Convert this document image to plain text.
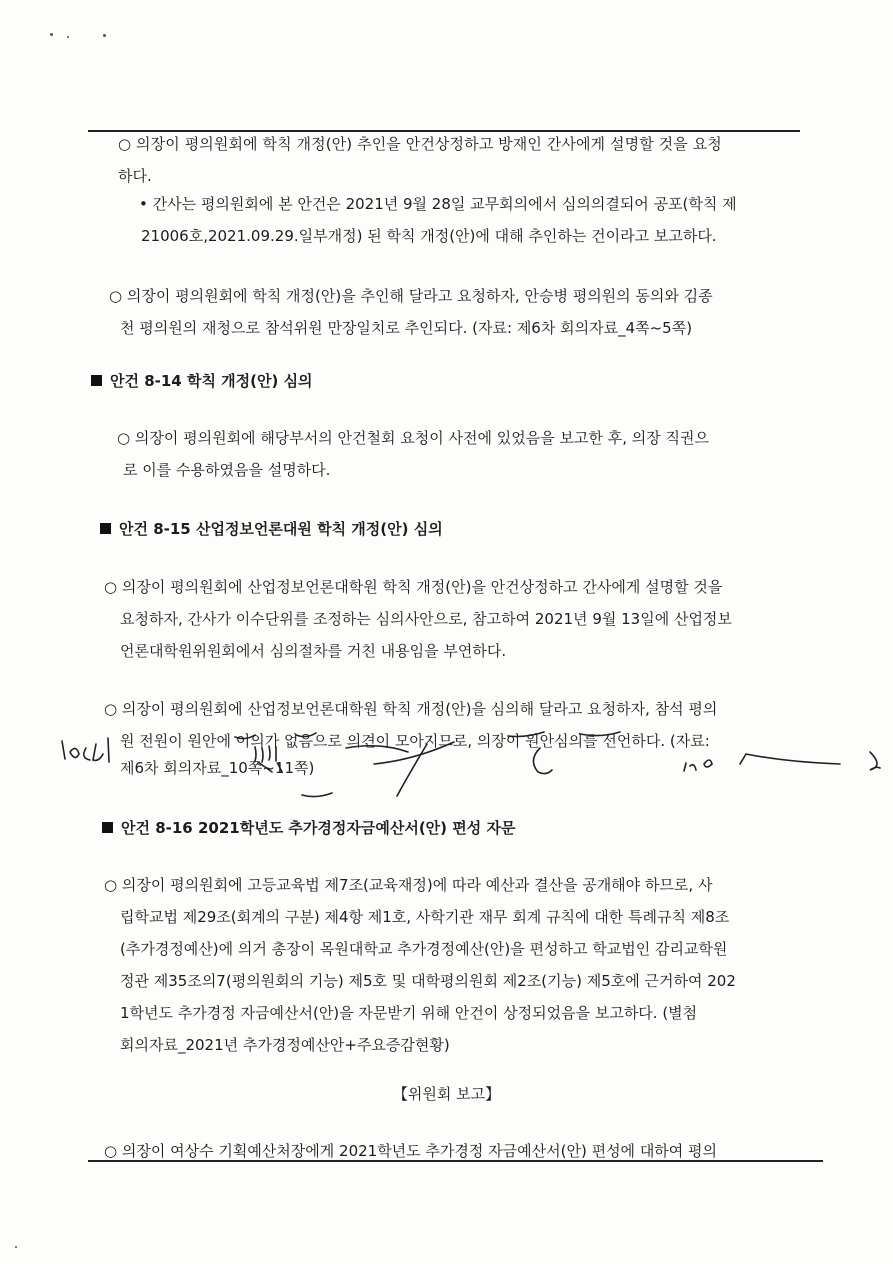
○ 의장이 평의원회에 학칙 개정(안) 추인을 안건상정하고 방재인 간사에게 설명할 것을 요청
하다.
• 간사는 평의원회에 본 안건은 2021년 9월 28일 교무회의에서 심의의결되어 공포(학칙 제
21006호,2021.09.29.일부개정) 된 학칙 개정(안)에 대해 추인하는 건이라고 보고하다.
○ 의장이 평의원회에 학칙 개정(안)을 추인해 달라고 요청하자, 안승병 평의원의 동의와 김종
천 평의원의 재청으로 참석위원 만장일치로 추인되다. (자료: 제6차 회의자료_4쪽~5쪽)
안건 8-14 학칙 개정(안) 심의
○ 의장이 평의원회에 해당부서의 안건철회 요청이 사전에 있었음을 보고한 후, 의장 직권으
로 이를 수용하였음을 설명하다.
안건 8-15 산업정보언론대원 학칙 개정(안) 심의
○ 의장이 평의원회에 산업정보언론대학원 학칙 개정(안)을 안건상정하고 간사에게 설명할 것을
요청하자, 간사가 이수단위를 조정하는 심의사안으로, 참고하여 2021년 9월 13일에 산업정보
언론대학원위원회에서 심의절차를 거친 내용임을 부연하다.
○ 의장이 평의원회에 산업정보언론대학원 학칙 개정(안)을 심의해 달라고 요청하자, 참석 평의
원 전원이 원안에 이의가 없음으로 의견이 모아지므로, 의장이 원안심의를 선언하다. (자료:
제6차 회의자료_10쪽~11쪽)
안건 8-16 2021학년도 추가경정자금예산서(안) 편성 자문
○ 의장이 평의원회에 고등교육법 제7조(교육재정)에 따라 예산과 결산을 공개해야 하므로, 사
립학교법 제29조(회계의 구분) 제4항 제1호, 사학기관 재무 회계 규칙에 대한 특례규칙 제8조
(추가경정예산)에 의거 총장이 목원대학교 추가경정예산(안)을 편성하고 학교법인 감리교학원
정관 제35조의7(평의원회의 기능) 제5호 및 대학평의원회 제2조(기능) 제5호에 근거하여 202
1학년도 추가경정 자금예산서(안)을 자문받기 위해 안건이 상정되었음을 보고하다. (별첨
회의자료_2021년 추가경정예산안+주요증감현황)
【위원회 보고】
○ 의장이 여상수 기획예산처장에게 2021학년도 추가경정 자금예산서(안) 편성에 대하여 평의
